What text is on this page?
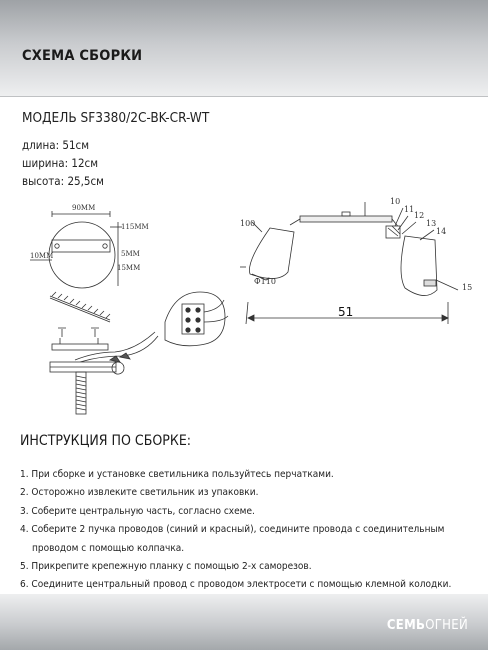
СХЕМА СБОРКИ
МОДЕЛЬ SF3380/2C-BK-CR-WT
длина: 51см
ширина: 12см
высота: 25,5см
90MM
115MM
10MM	5MM
15MM
10
11
12
13
14
15
100
Ф110
51
ИНСТРУКЦИЯ ПО СБОРКЕ:
1. При сборке и установке светильника пользуйтесь перчатками.
2. Осторожно извлеките светильник из упаковки.
3. Соберите центральную часть, согласно схеме.
4. Соберите 2 пучка проводов (синий и красный), соедините провода с соединительным
проводом с помощью колпачка.
5. Прикрепите крепежную планку с помощью 2-х саморезов.
6. Соедините центральный провод с проводом электросети с помощью клемной колодки.
СЕМЬОГНЕЙ
